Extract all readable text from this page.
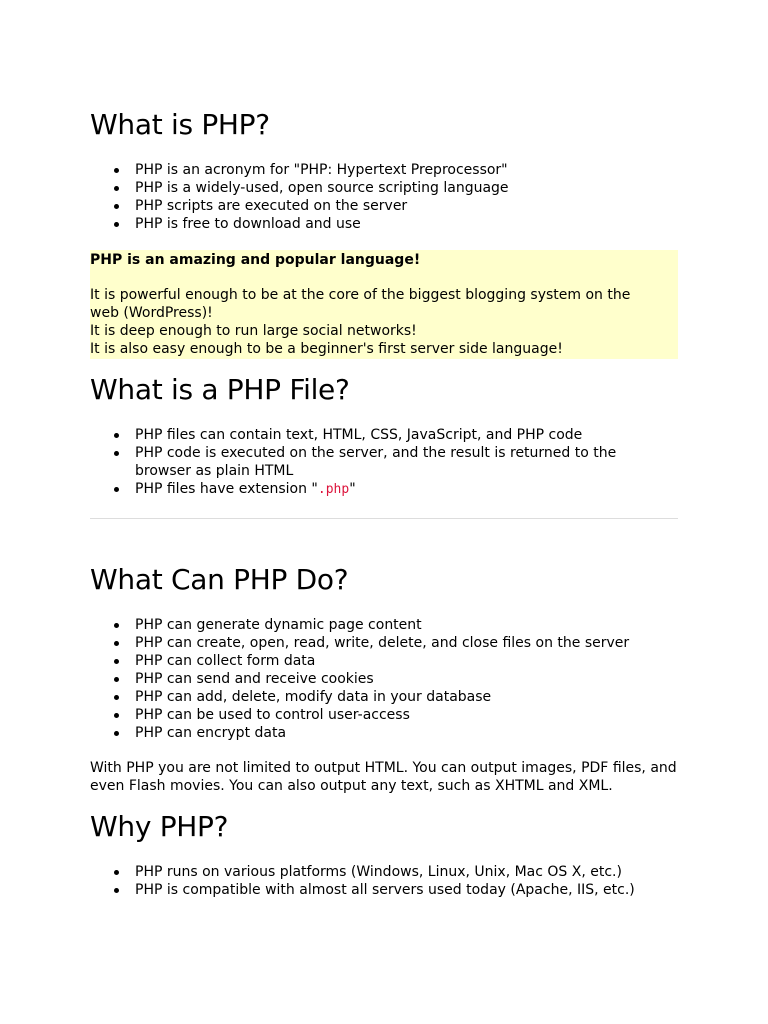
What is PHP?
PHP is an acronym for "PHP: Hypertext Preprocessor"
PHP is a widely-used, open source scripting language
PHP scripts are executed on the server
PHP is free to download and use
PHP is an amazing and popular language!
It is powerful enough to be at the core of the biggest blogging system on the web (WordPress)!
It is deep enough to run large social networks!
It is also easy enough to be a beginner's first server side language!
What is a PHP File?
PHP files can contain text, HTML, CSS, JavaScript, and PHP code
PHP code is executed on the server, and the result is returned to the browser as plain HTML
PHP files have extension ".php"
What Can PHP Do?
PHP can generate dynamic page content
PHP can create, open, read, write, delete, and close files on the server
PHP can collect form data
PHP can send and receive cookies
PHP can add, delete, modify data in your database
PHP can be used to control user-access
PHP can encrypt data

With PHP you are not limited to output HTML. You can output images, PDF files, and even Flash movies. You can also output any text, such as XHTML and XML.

Why PHP?
PHP runs on various platforms (Windows, Linux, Unix, Mac OS X, etc.)
PHP is compatible with almost all servers used today (Apache, IIS, etc.)
